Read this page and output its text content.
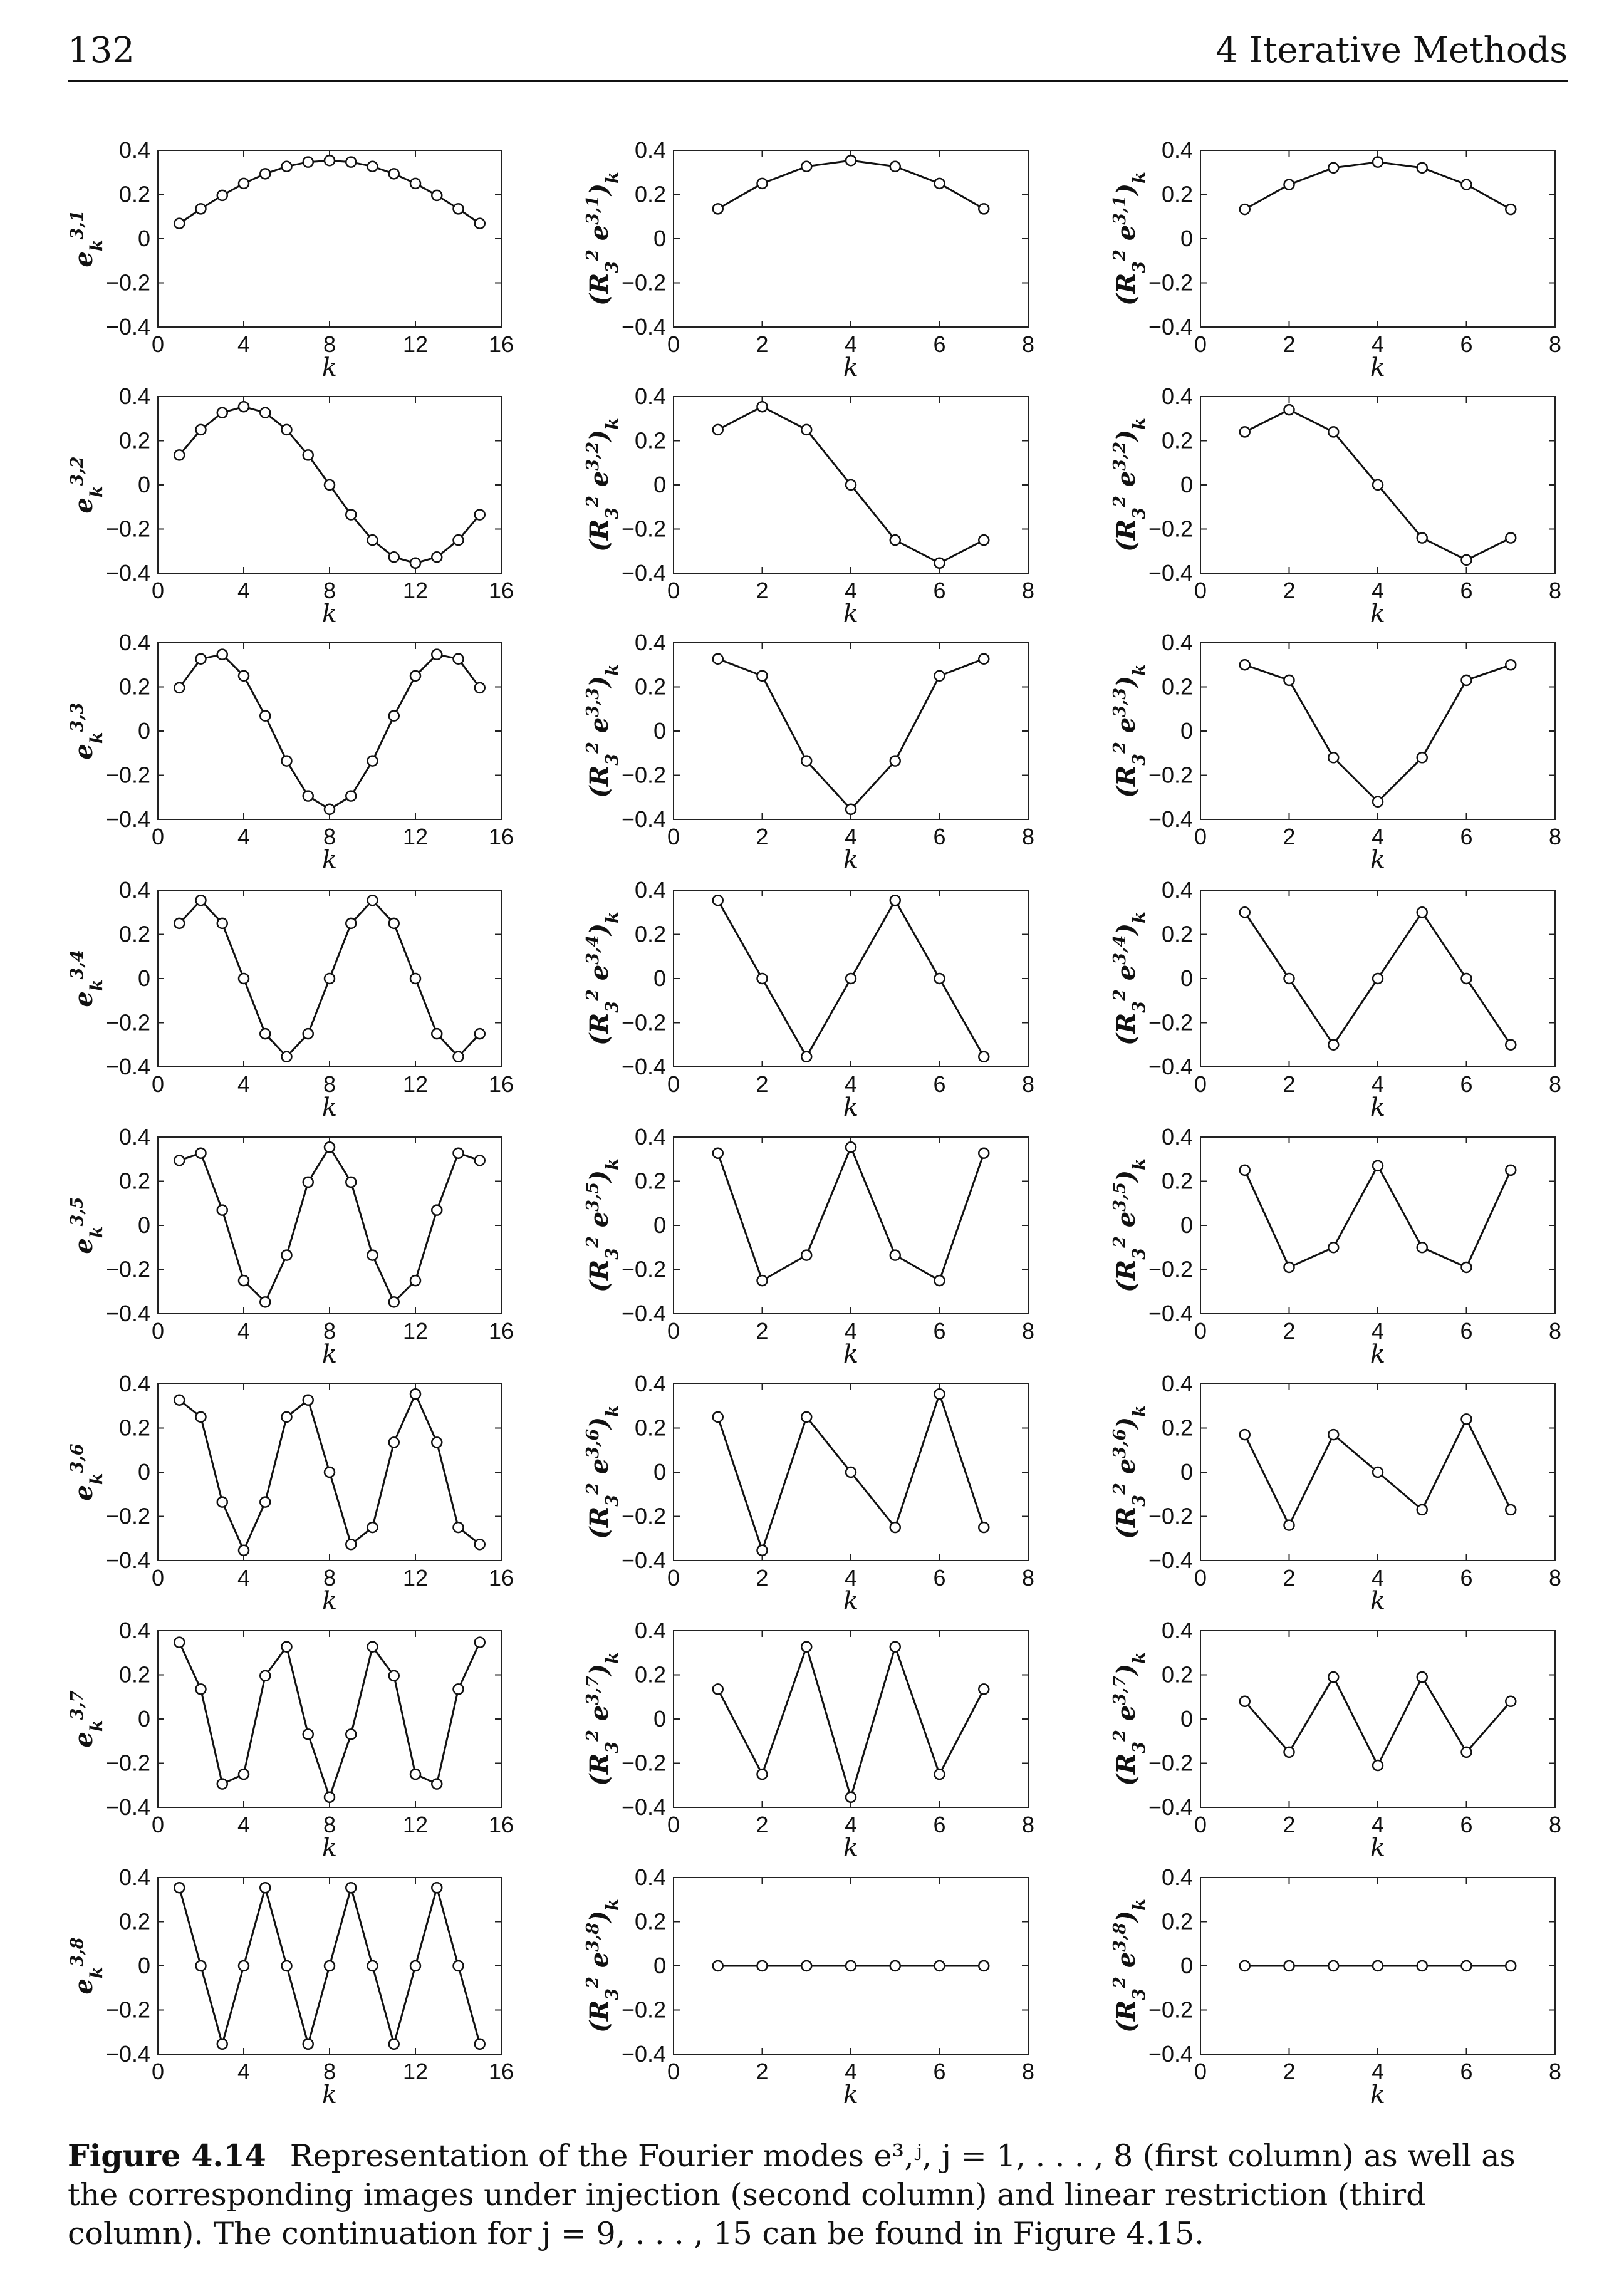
132	4 Iterative Methods
0	4	8	12	16
−0.4
−0.2
0
0.2
0.4
k
$e_k^{3,1}$
0	2	4	6	8
−0.4
−0.2
0
0.2
0.4
k
($R_3^2$ $e^{3,1})_k$
0	2	4	6	8
−0.4
−0.2
0
0.2
0.4
k
($R_3^2$ $e^{3,1})_k$
0	4	8	12	16
−0.4
−0.2
0
0.2
0.4
k
$e_k^{3,2}$
0	2	4	6	8
−0.4
−0.2
0
0.2
0.4
k
($R_3^2$ $e^{3,2})_k$
0	2	4	6	8
−0.4
−0.2
0
0.2
0.4
k
($R_3^2$ $e^{3,2})_k$
0	4	8	12	16
−0.4
−0.2
0
0.2
0.4
k
$e_k^{3,3}$
0	2	4	6	8
−0.4
−0.2
0
0.2
0.4
k
($R_3^2$ $e^{3,3})_k$
0	2	4	6	8
−0.4
−0.2
0
0.2
0.4
k
($R_3^2$ $e^{3,3})_k$
0	4	8	12	16
−0.4
−0.2
0
0.2
0.4
k
$e_k^{3,4}$
0	2	4	6	8
−0.4
−0.2
0
0.2
0.4
k
($R_3^2$ $e^{3,4})_k$
0	2	4	6	8
−0.4
−0.2
0
0.2
0.4
k
($R_3^2$ $e^{3,4})_k$
0	4	8	12	16
−0.4
−0.2
0
0.2
0.4
k
$e_k^{3,5}$
0	2	4	6	8
−0.4
−0.2
0
0.2
0.4
k
($R_3^2$ $e^{3,5})_k$
0	2	4	6	8
−0.4
−0.2
0
0.2
0.4
k
($R_3^2$ $e^{3,5})_k$
0	4	8	12	16
−0.4
−0.2
0
0.2
0.4
k
$e_k^{3,6}$
0	2	4	6	8
−0.4
−0.2
0
0.2
0.4
k
($R_3^2$ $e^{3,6})_k$
0	2	4	6	8
−0.4
−0.2
0
0.2
0.4
k
($R_3^2$ $e^{3,6})_k$
0	4	8	12	16
−0.4
−0.2
0
0.2
0.4
k
$e_k^{3,7}$
0	2	4	6	8
−0.4
−0.2
0
0.2
0.4
k
($R_3^2$ $e^{3,7})_k$
0	2	4	6	8
−0.4
−0.2
0
0.2
0.4
k
($R_3^2$ $e^{3,7})_k$
0	4	8	12	16
−0.4
−0.2
0
0.2
0.4
k
$e_k^{3,8}$
0	2	4	6	8
−0.4
−0.2
0
0.2
0.4
k
($R_3^2$ $e^{3,8})_k$
0	2	4	6	8
−0.4
−0.2
0
0.2
0.4
k
($R_3^2$ $e^{3,8})_k$
Figure 4.14 Representation of the Fourier modes e³,ʲ, j = 1, . . . , 8 (first column) as well as the corresponding images under injection (second column) and linear restriction (third column). The continuation for j = 9, . . . , 15 can be found in Figure 4.15.
